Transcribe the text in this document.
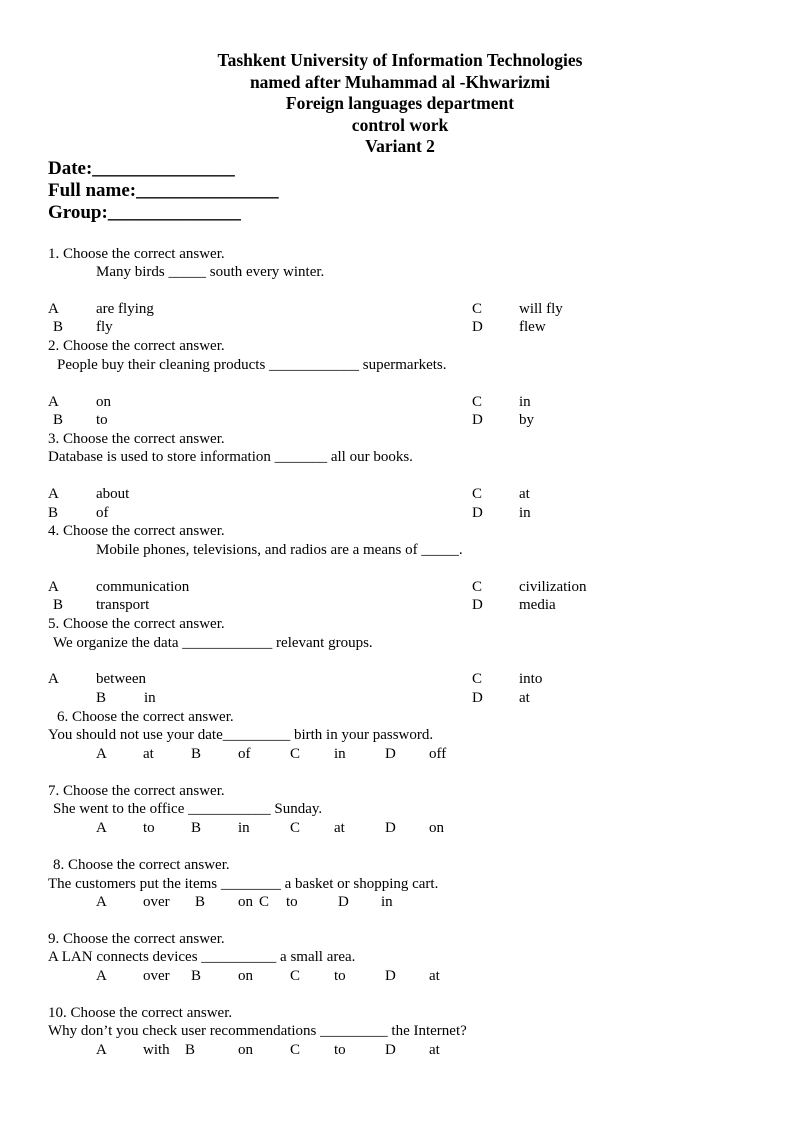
Tashkent University of Information Technologies
named after Muhammad al -Khwarizmi
Foreign languages department
control work
Variant 2
Date:_______________
Full name:_______________
Group:______________
1. Choose the correct answer.
Many birds _____ south every winter.
A are flying	C will fly
B fly	D flew
2. Choose the correct answer.
People buy their cleaning products ____________ supermarkets.
A on	C in
B to	D by
3. Choose the correct answer.
Database is used to store information _______ all our books.
A about	C at
B	of	D in
4. Choose the correct answer.
Mobile phones, televisions, and radios are a means of _____.
A communication	C civilization
B transport	D media
5. Choose the correct answer.
We organize the data ____________ relevant groups.
A between	C into
B	in	D at
6. Choose the correct answer.
You should not use your date_________ birth in your password.
A at B of	C in	D off
7. Choose the correct answer.
She went to the office ___________ Sunday.
A to B in	C at	D on
8. Choose the correct answer.
The customers put the items ________ a basket or shopping cart.
A over B on C to	D in
9. Choose the correct answer.
A LAN connects devices __________ a small area.
A over B on C to	D at
10. Choose the correct answer.
Why don’t you check user recommendations _________ the Internet?
A with B	on C to	D at
